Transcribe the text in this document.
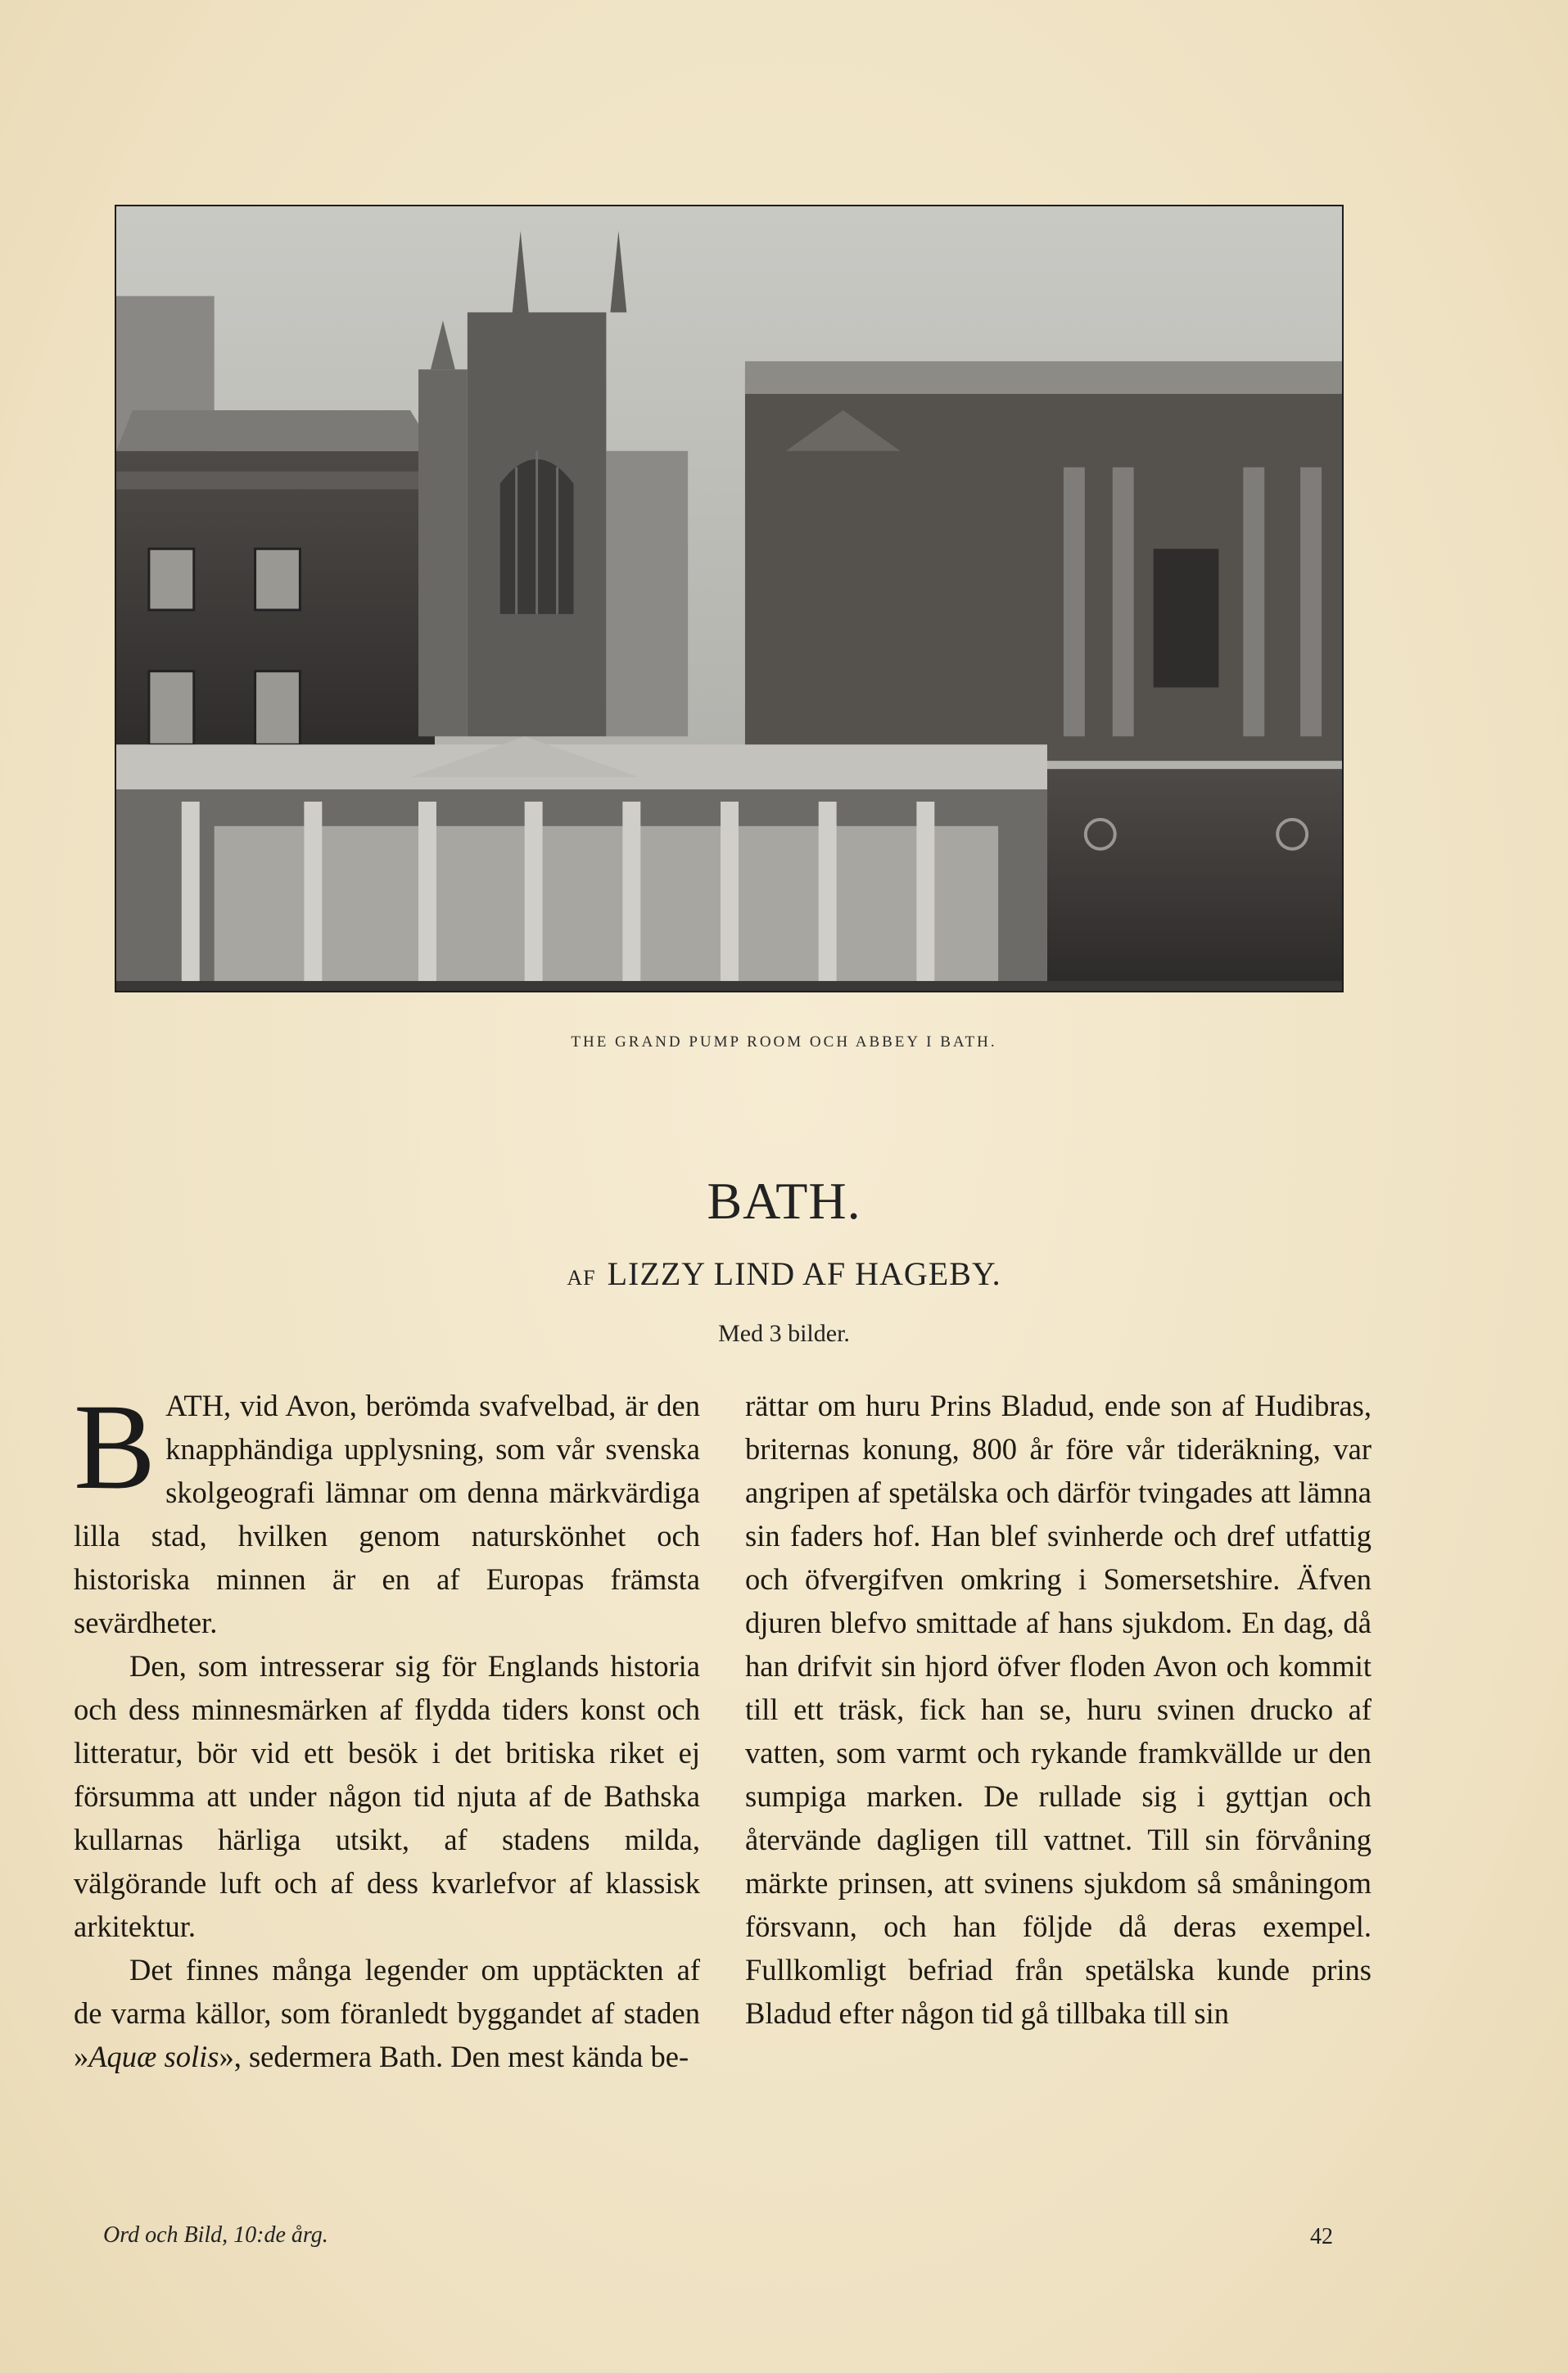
THE GRAND PUMP ROOM OCH ABBEY I BATH.
BATH.
AF LIZZY LIND AF HAGEBY.
Med 3 bilder.

BATH, vid Avon, berömda svafvelbad, är den knapphändiga upplysning, som vår svenska skolgeografi lämnar om denna märkvärdiga lilla stad, hvilken genom naturskönhet och historiska minnen är en af Europas främsta sevärdheter.

Den, som intresserar sig för Englands historia och dess minnesmärken af flydda tiders konst och litteratur, bör vid ett besök i det britiska riket ej försumma att under någon tid njuta af de Bathska kullarnas härliga utsikt, af stadens milda, välgörande luft och af dess kvarlefvor af klassisk arkitektur.

Det finnes många legender om upptäckten af de varma källor, som föranledt byggandet af staden »Aquæ solis», sedermera Bath. Den mest kända be-

rättar om huru Prins Bladud, ende son af Hudibras, briternas konung, 800 år före vår tideräkning, var angripen af spetälska och därför tvingades att lämna sin faders hof. Han blef svinherde och dref utfattig och öfvergifven omkring i Somersetshire. Äfven djuren blefvo smittade af hans sjukdom. En dag, då han drifvit sin hjord öfver floden Avon och kommit till ett träsk, fick han se, huru svinen drucko af vatten, som varmt och rykande framkvällde ur den sumpiga marken. De rullade sig i gyttjan och återvände dagligen till vattnet. Till sin förvåning märkte prinsen, att svinens sjukdom så småningom försvann, och han följde då deras exempel. Fullkomligt befriad från spetälska kunde prins Bladud efter någon tid gå tillbaka till sin

Ord och Bild, 10:de årg.	42
